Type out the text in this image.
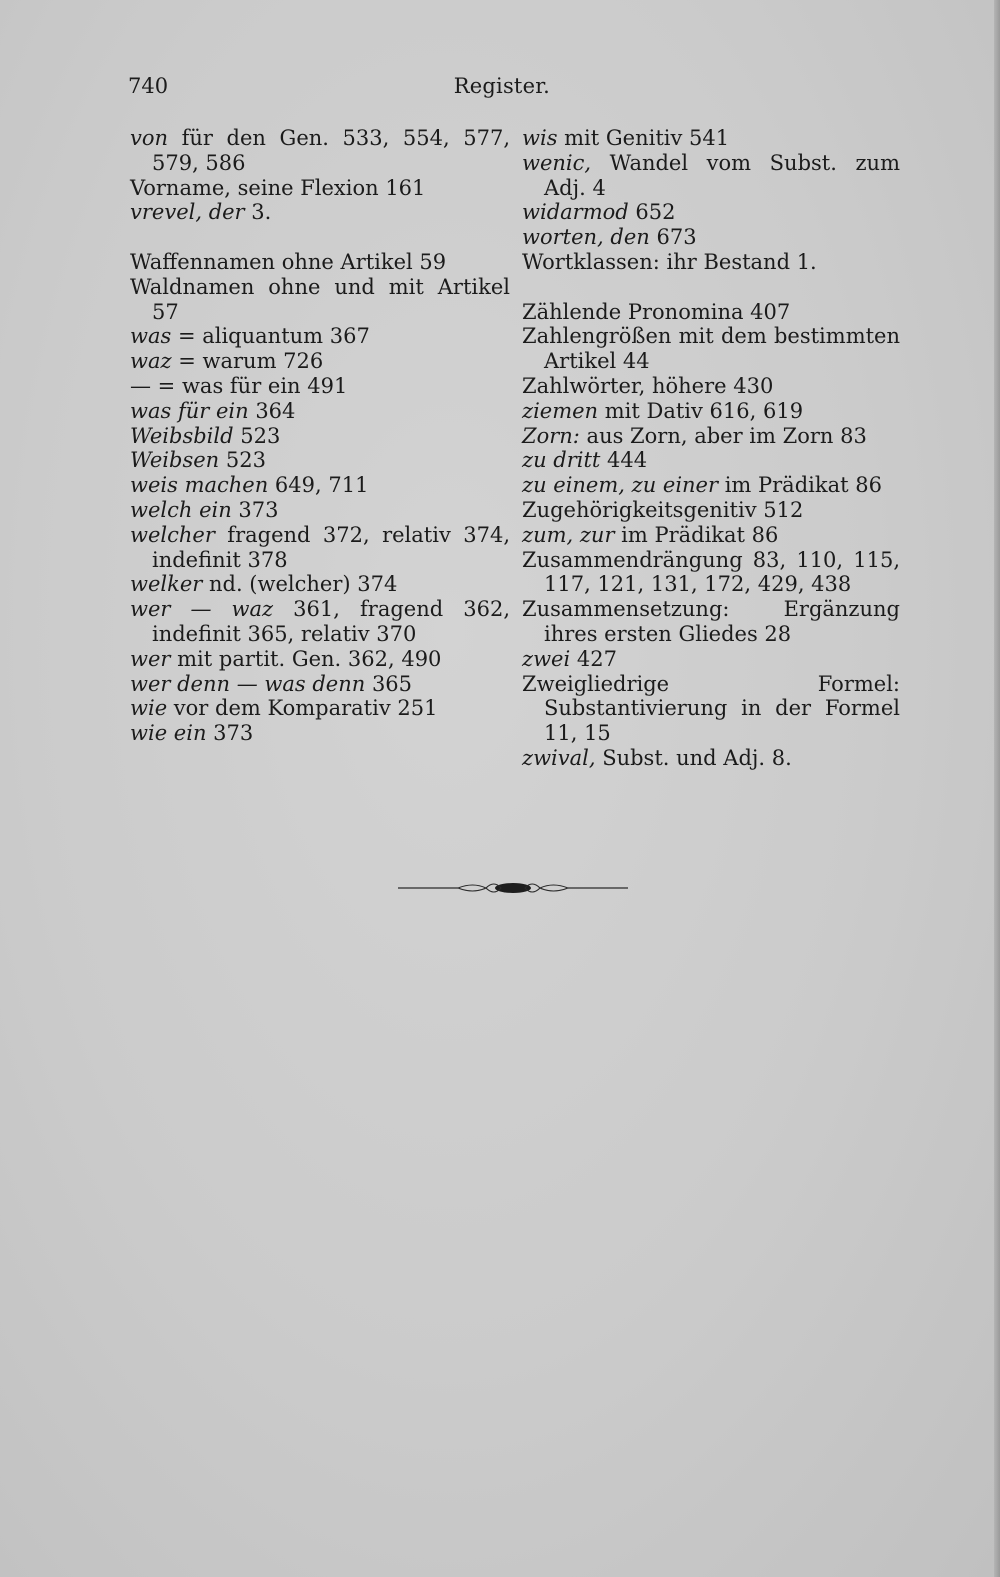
740	Register.

von für den Gen. 533, 554, 577, 579, 586

Vorname, seine Flexion 161

vrevel, der 3.

Waffennamen ohne Artikel 59

Waldnamen ohne und mit Artikel 57

was = aliquantum 367

waz = warum 726

— = was für ein 491

was für ein 364

Weibsbild 523

Weibsen 523

weis machen 649, 711

welch ein 373

welcher fragend 372, relativ 374, indefinit 378

welker nd. (welcher) 374

wer — waz 361, fragend 362, indefinit 365, relativ 370

wer mit partit. Gen. 362, 490

wer denn — was denn 365

wie vor dem Komparativ 251

wie ein 373

wis mit Genitiv 541

wenic, Wandel vom Subst. zum Adj. 4

widarmod 652

worten, den 673

Wortklassen: ihr Bestand 1.

Zählende Pronomina 407

Zahlengrößen mit dem bestimmten Artikel 44

Zahlwörter, höhere 430

ziemen mit Dativ 616, 619

Zorn: aus Zorn, aber im Zorn 83

zu dritt 444

zu einem, zu einer im Prädikat 86

Zugehörigkeitsgenitiv 512

zum, zur im Prädikat 86

Zusammendrängung 83, 110, 115, 117, 121, 131, 172, 429, 438

Zusammensetzung: Ergänzung ihres ersten Gliedes 28

zwei 427

Zweigliedrige Formel: Substantivierung in der Formel 11, 15

zwival, Subst. und Adj. 8.
